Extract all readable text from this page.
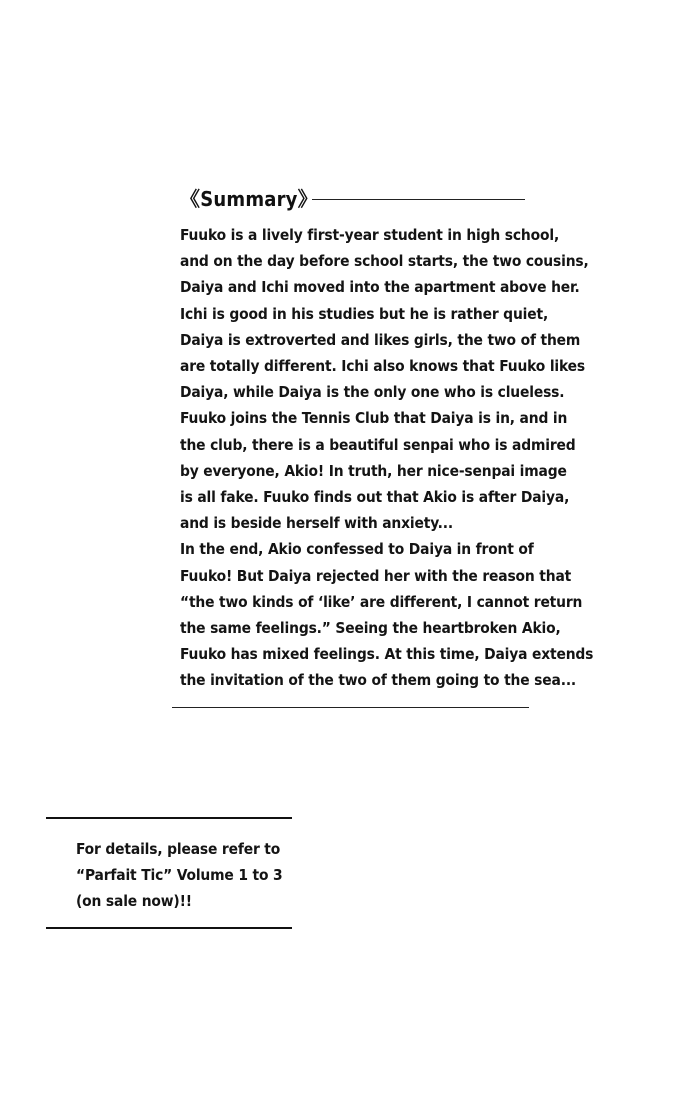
《Summary》
Fuuko is a lively first-year student in high school,
and on the day before school starts, the two cousins,
Daiya and Ichi moved into the apartment above her.
Ichi is good in his studies but he is rather quiet,
Daiya is extroverted and likes girls, the two of them
are totally different. Ichi also knows that Fuuko likes
Daiya, while Daiya is the only one who is clueless.
Fuuko joins the Tennis Club that Daiya is in, and in
the club, there is a beautiful senpai who is admired
by everyone, Akio! In truth, her nice-senpai image
is all fake. Fuuko finds out that Akio is after Daiya,
and is beside herself with anxiety...
In the end, Akio confessed to Daiya in front of
Fuuko! But Daiya rejected her with the reason that
“the two kinds of ‘like’ are different, I cannot return
the same feelings.” Seeing the heartbroken Akio,
Fuuko has mixed feelings. At this time, Daiya extends
the invitation of the two of them going to the sea...
For details, please refer to
“Parfait Tic” Volume 1 to 3
(on sale now)!!
